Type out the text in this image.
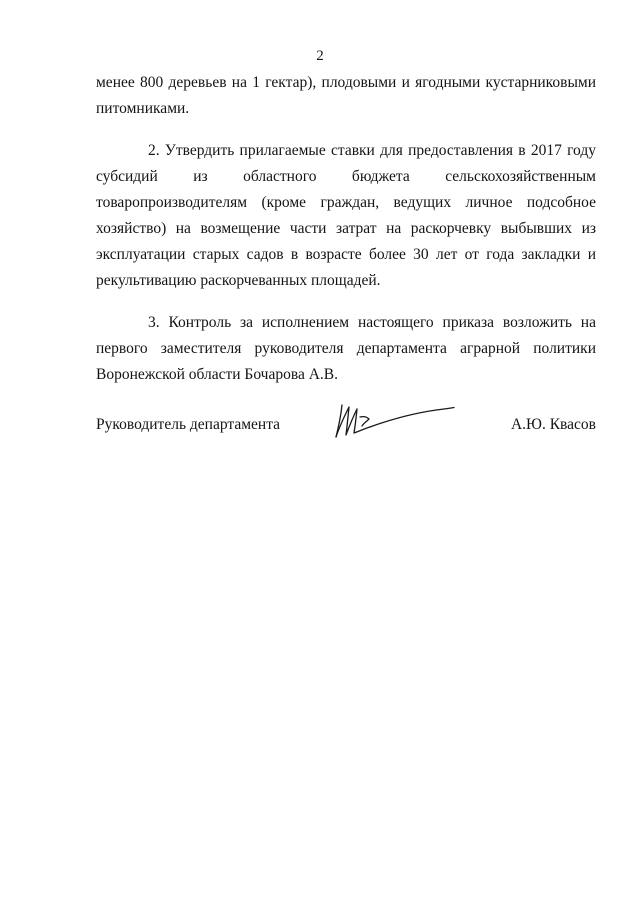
2
менее 800 деревьев на 1 гектар), плодовыми и ягодными кустарниковыми
питомниками.
2. Утвердить прилагаемые ставки для предоставления в 2017 году
субсидий из областного бюджета сельскохозяйственным
товаропроизводителям (кроме граждан, ведущих личное подсобное
хозяйство) на возмещение части затрат на раскорчевку выбывших из
эксплуатации старых садов в возрасте более 30 лет от года закладки и
рекультивацию раскорчеванных площадей.
3. Контроль за исполнением настоящего приказа возложить на
первого заместителя руководителя департамента аграрной политики
Воронежской области Бочарова А.В.
Руководитель департамента	А.Ю. Квасов
